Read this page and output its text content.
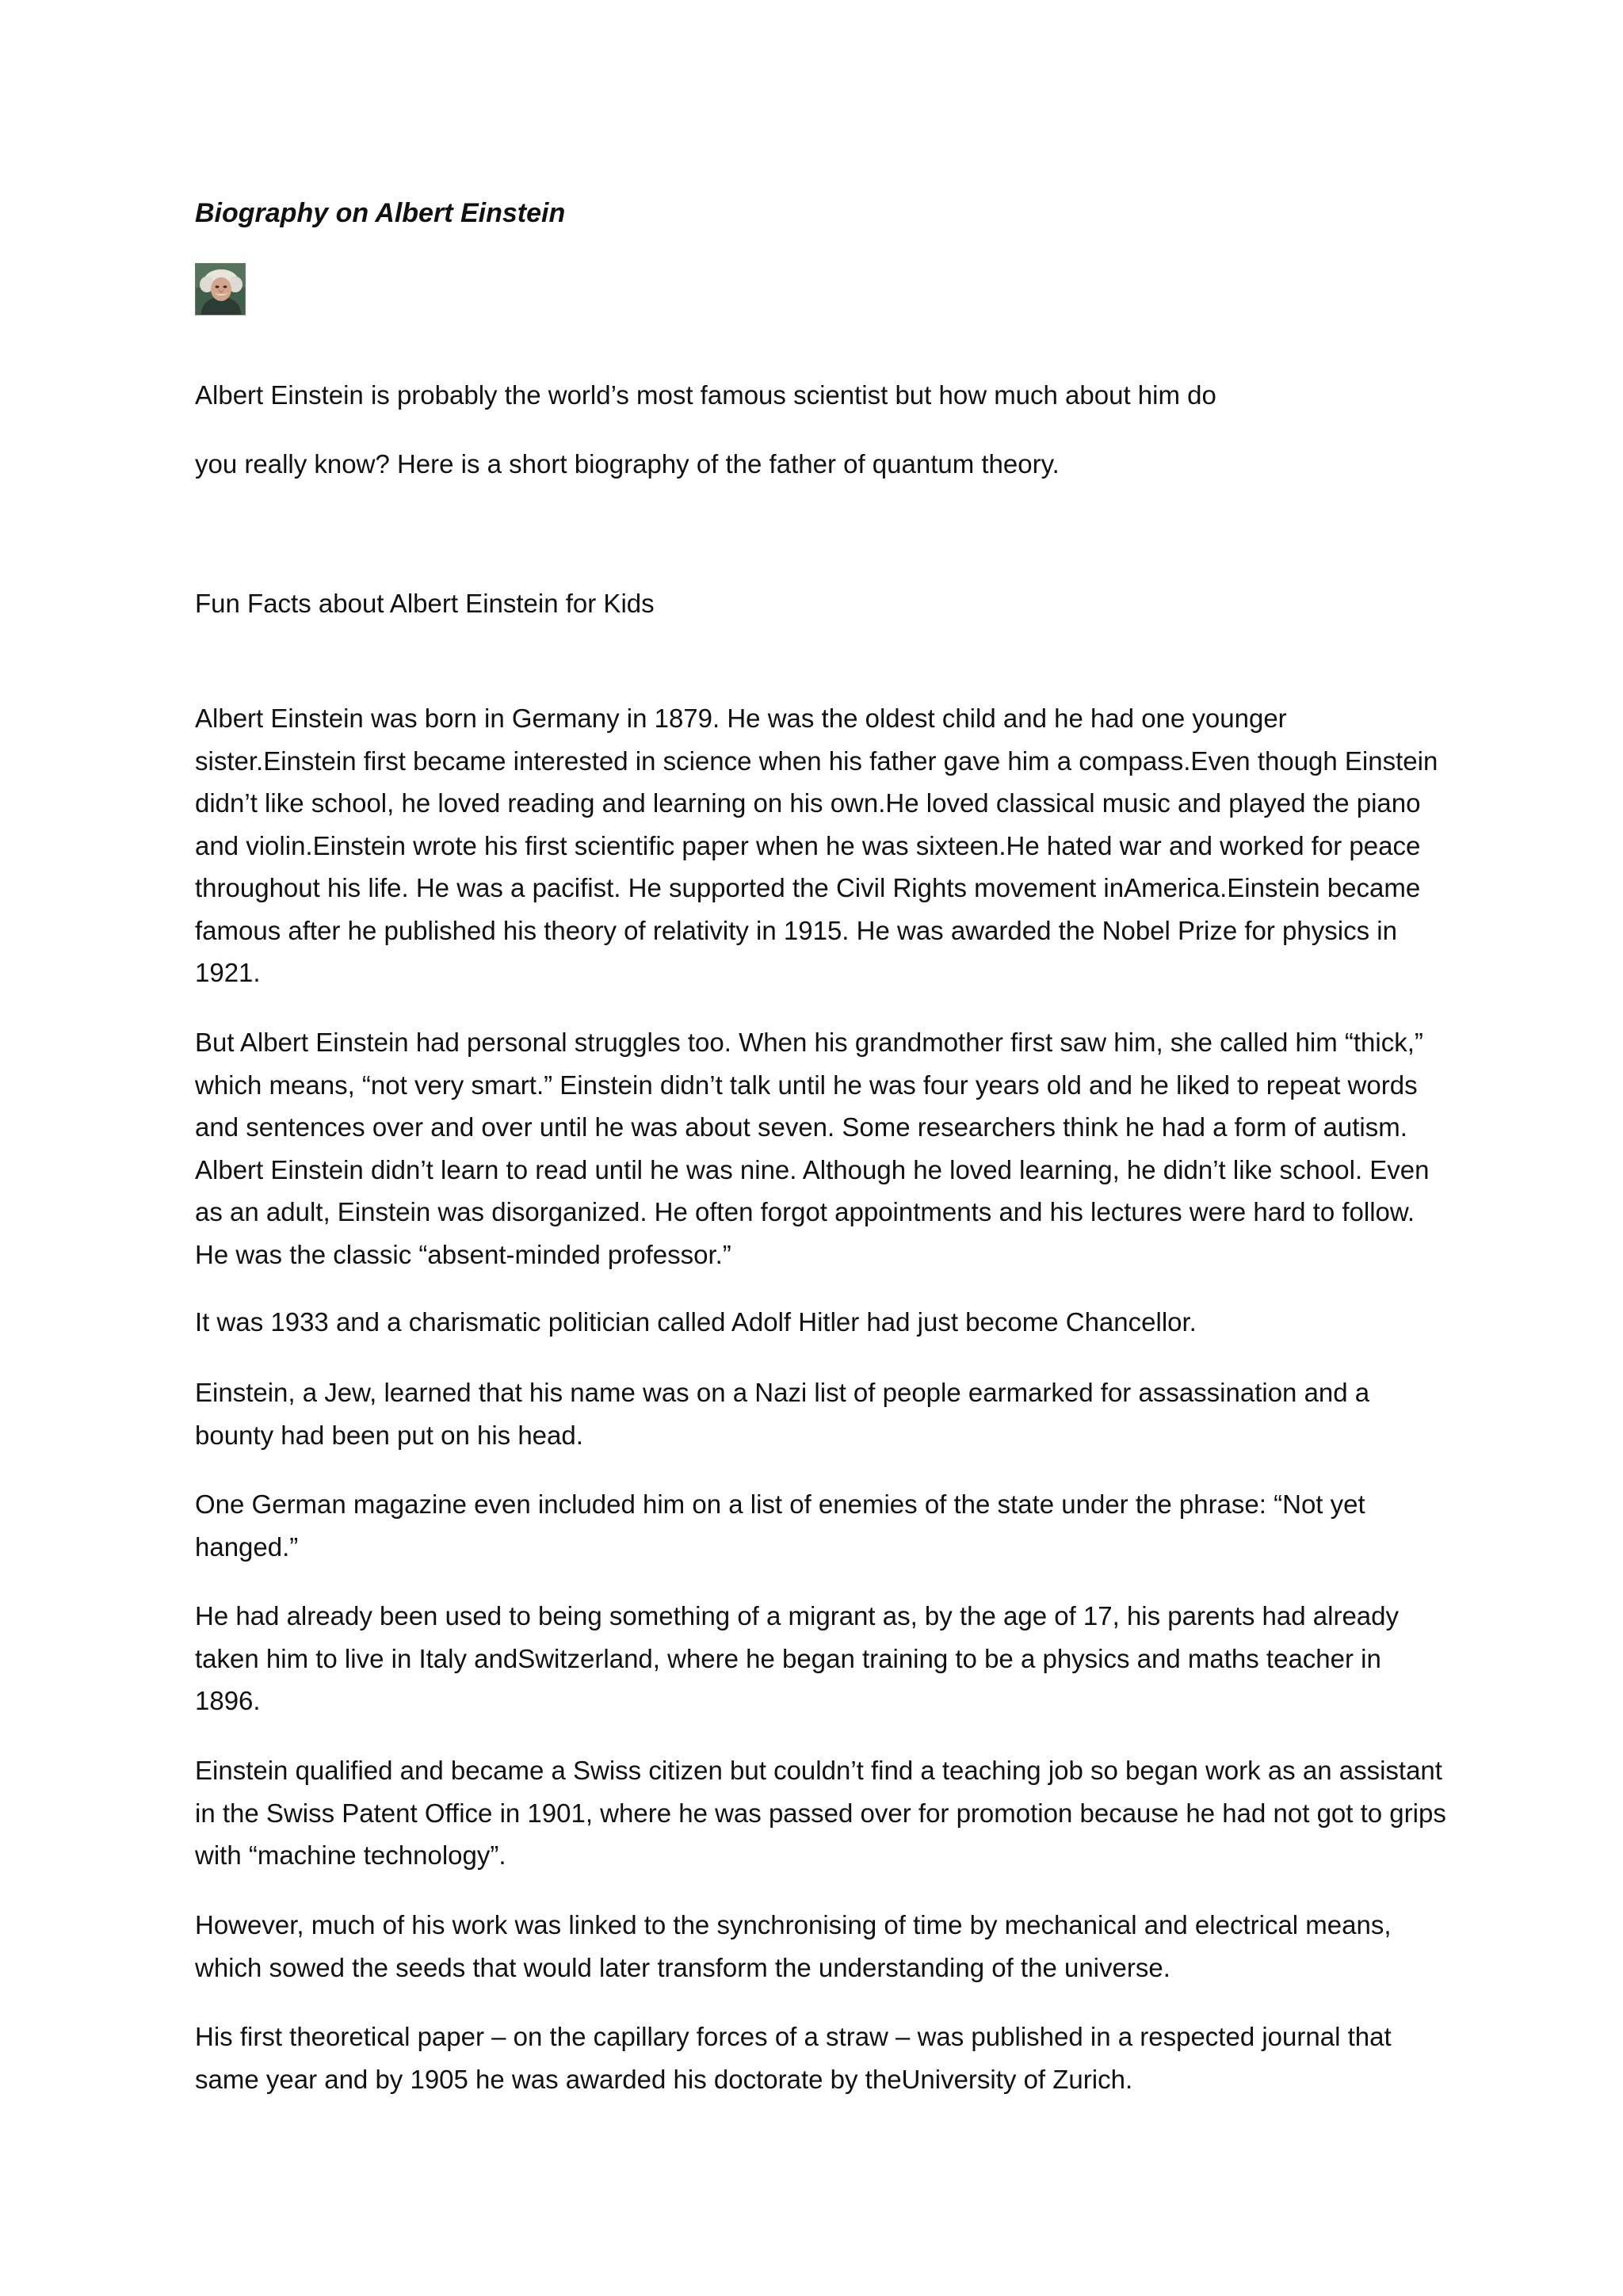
Biography on Albert Einstein

Albert Einstein is probably the world’s most famous scientist but how much about him do

you really know? Here is a short biography of the father of quantum theory.

Fun Facts about Albert Einstein for Kids

Albert Einstein was born in Germany in 1879. He was the oldest child and he had one younger sister.Einstein first became interested in science when his father gave him a compass.Even though Einstein didn’t like school, he loved reading and learning on his own.He loved classical music and played the piano and violin.Einstein wrote his first scientific paper when he was sixteen.He hated war and worked for peace throughout his life. He was a pacifist. He supported the Civil Rights movement inAmerica.Einstein became famous after he published his theory of relativity in 1915. He was awarded the Nobel Prize for physics in 1921.

But Albert Einstein had personal struggles too. When his grandmother first saw him, she called him “thick,” which means, “not very smart.” Einstein didn’t talk until he was four years old and he liked to repeat words and sentences over and over until he was about seven. Some researchers think he had a form of autism. Albert Einstein didn’t learn to read until he was nine. Although he loved learning, he didn’t like school. Even as an adult, Einstein was disorganized. He often forgot appointments and his lectures were hard to follow. He was the classic “absent-minded professor.”

It was 1933 and a charismatic politician called Adolf Hitler had just become Chancellor.

Einstein, a Jew, learned that his name was on a Nazi list of people earmarked for assassination and a bounty had been put on his head.

One German magazine even included him on a list of enemies of the state under the phrase: “Not yet hanged.”

He had already been used to being something of a migrant as, by the age of 17, his parents had already taken him to live in Italy andSwitzerland, where he began training to be a physics and maths teacher in 1896.

Einstein qualified and became a Swiss citizen but couldn’t find a teaching job so began work as an assistant in the Swiss Patent Office in 1901, where he was passed over for promotion because he had not got to grips with “machine technology”.

However, much of his work was linked to the synchronising of time by mechanical and electrical means, which sowed the seeds that would later transform the understanding of the universe.

His first theoretical paper – on the capillary forces of a straw – was published in a respected journal that same year and by 1905 he was awarded his doctorate by theUniversity of Zurich.
